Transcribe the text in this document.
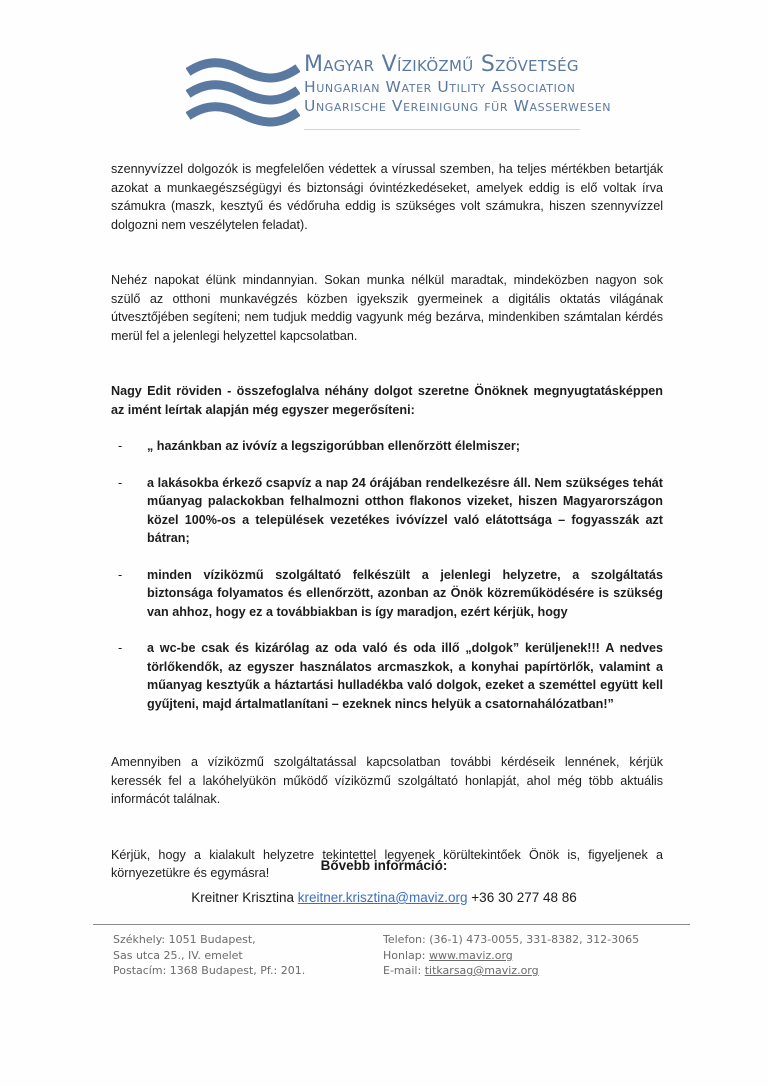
Magyar Víziközmű Szövetség
Hungarian Water Utility Association
Ungarische Vereinigung für Wasserwesen

szennyvízzel dolgozók is megfelelően védettek a vírussal szemben, ha teljes mértékben betartják azokat a munkaegészségügyi és biztonsági óvintézkedéseket, amelyek eddig is elő voltak írva számukra (maszk, kesztyű és védőruha eddig is szükséges volt számukra, hiszen szennyvízzel dolgozni nem veszélytelen feladat).

Nehéz napokat élünk mindannyian. Sokan munka nélkül maradtak, mindeközben nagyon sok szülő az otthoni munkavégzés közben igyekszik gyermeinek a digitális oktatás világának útvesztőjében segíteni; nem tudjuk meddig vagyunk még bezárva, mindenkiben számtalan kérdés merül fel a jelenlegi helyzettel kapcsolatban.

Nagy Edit röviden - összefoglalva néhány dolgot szeretne Önöknek megnyugtatásképpen az imént leírtak alapján még egyszer megerősíteni:

- „ hazánkban az ivóvíz a legszigorúbban ellenőrzött élelmiszer;
- a lakásokba érkező csapvíz a nap 24 órájában rendelkezésre áll. Nem szükséges tehát műanyag palackokban felhalmozni otthon flakonos vizeket, hiszen Magyarországon közel 100%-os a települések vezetékes ivóvízzel való elátottsága – fogyasszák azt bátran;
- minden víziközmű szolgáltató felkészült a jelenlegi helyzetre, a szolgáltatás biztonsága folyamatos és ellenőrzött, azonban az Önök közreműködésére is szükség van ahhoz, hogy ez a továbbiakban is így maradjon, ezért kérjük, hogy
- a wc-be csak és kizárólag az oda való és oda illő „dolgok” kerüljenek!!! A nedves törlőkendők, az egyszer használatos arcmaszkok, a konyhai papírtörlők, valamint a műanyag kesztyűk a háztartási hulladékba való dolgok, ezeket a szeméttel együtt kell gyűjteni, majd ártalmatlanítani – ezeknek nincs helyük a csatornahálózatban!”

Amennyiben a víziközmű szolgáltatással kapcsolatban további kérdéseik lennének, kérjük keressék fel a lakóhelyükön működő víziközmű szolgáltató honlapját, ahol még több aktuális informácót találnak.

Kérjük, hogy a kialakult helyzetre tekintettel legyenek körültekintőek Önök is, figyeljenek a környezetükre és egymásra!	Bővebb információ:
Kreitner Krisztina kreitner.krisztina@maviz.org +36 30 277 48 86
Székhely: 1051 Budapest,
Sas utca 25., IV. emelet
Postacím: 1368 Budapest, Pf.: 201.
Telefon: (36-1) 473-0055, 331-8382, 312-3065
Honlap: www.maviz.org
E-mail: titkarsag@maviz.org
